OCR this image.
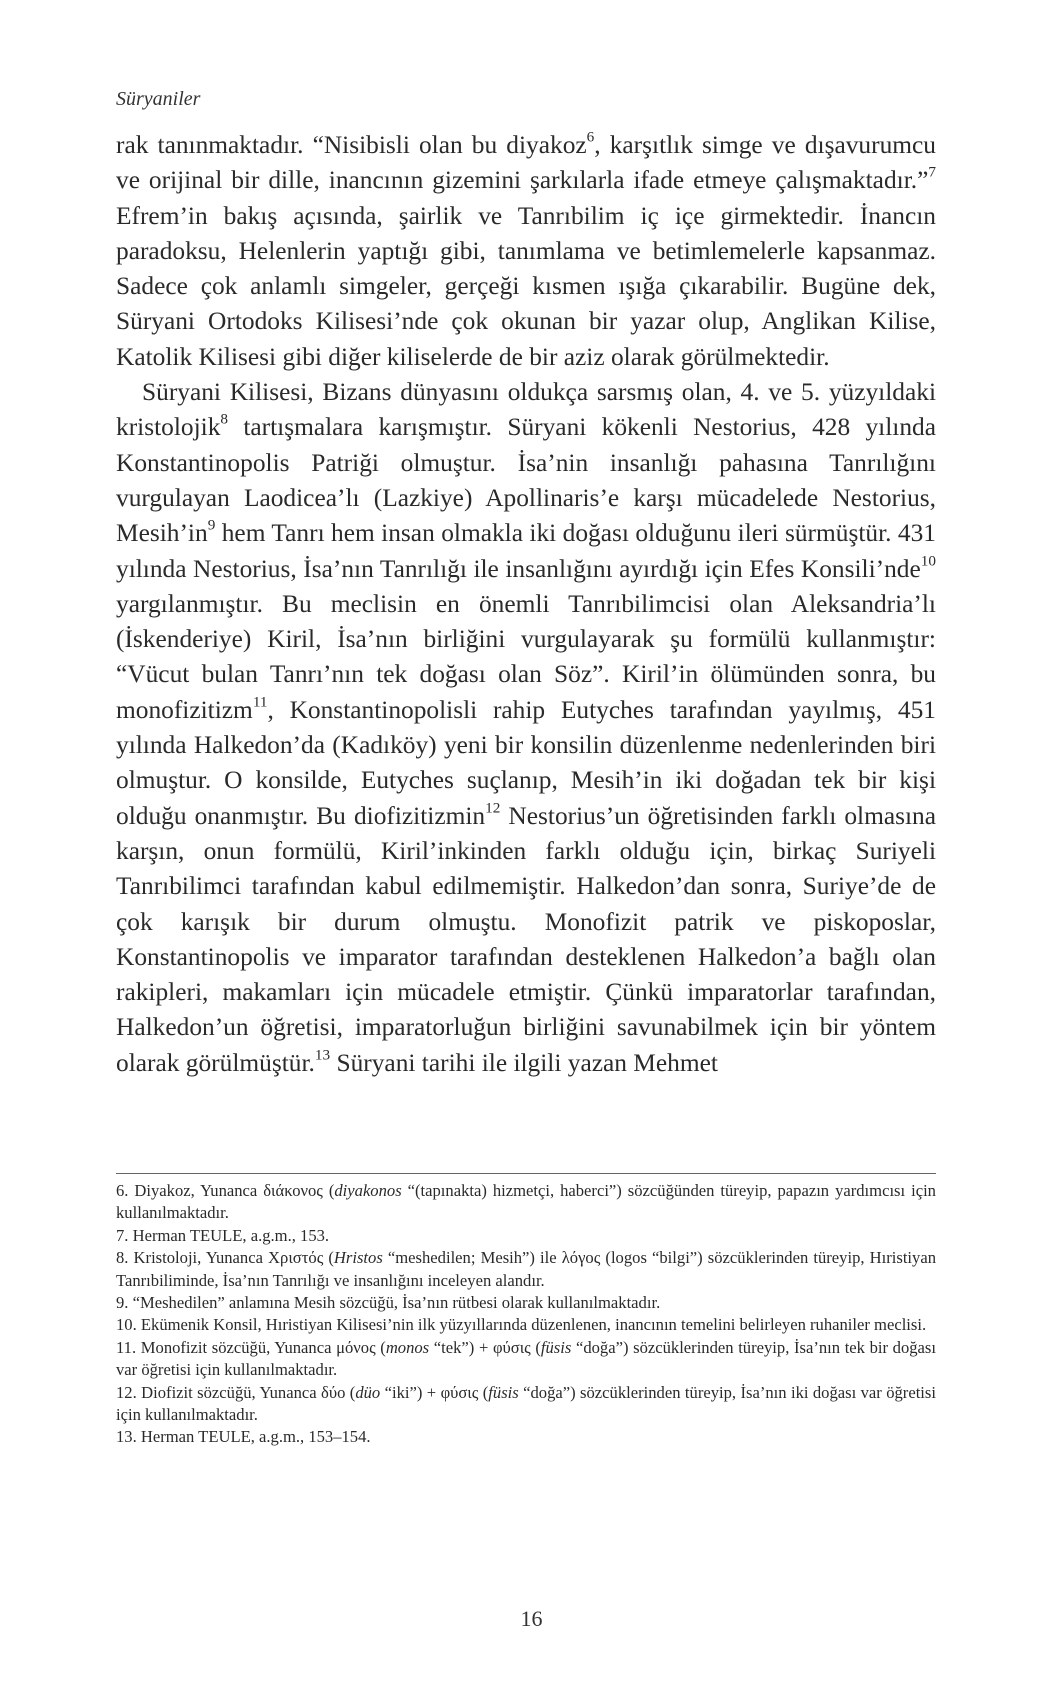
Süryaniler

rak tanınmaktadır. “Nisibisli olan bu diyakoz$^6$, karşıtlık simge ve dışavurumcu ve orijinal bir dille, inancının gizemini şarkılarla ifade etmeye çalışmaktadır.”$^7$ Efrem’in bakış açısında, şairlik ve Tanrıbilim iç içe girmektedir. İnancın paradoksu, Helenlerin yaptığı gibi, tanımlama ve betimlemelerle kapsanmaz. Sadece çok anlamlı simgeler, gerçeği kısmen ışığa çıkarabilir. Bugüne dek, Süryani Ortodoks Kilisesi’nde çok okunan bir yazar olup, Anglikan Kilise, Katolik Kilisesi gibi diğer kiliselerde de bir aziz olarak görülmektedir.

Süryani Kilisesi, Bizans dünyasını oldukça sarsmış olan, 4. ve 5. yüzyıldaki kristolojik$^8$ tartışmalara karışmıştır. Süryani kökenli Nestorius, 428 yılında Konstantinopolis Patriği olmuştur. İsa’nin insanlığı pahasına Tanrılığını vurgulayan Laodicea’lı (Lazkiye) Apollinaris’e karşı mücadelede Nestorius, $Mesih’in^9$ hem Tanrı hem insan olmakla iki doğası olduğunu ileri sürmüştür. 431 yılında Nestorius, İsa’nın Tanrılığı ile insanlığını ayırdığı için Efes Konsili’nde$^{10}$ yargılanmıştır. Bu meclisin en önemli Tanrıbilimcisi olan Aleksandria’lı (İskenderiye) Kiril, İsa’nın birliğini vurgulayarak şu formülü kullanmıştır: “Vücut bulan Tanrı’nın tek doğası olan Söz”. Kiril’in ölümünden sonra, bu monofizitizm$^{11}$, Konstantinopolisli rahip Eutyches tarafından yayılmış, 451 yılında Halkedon’da (Kadıköy) yeni bir konsilin düzenlenme nedenlerinden biri olmuştur. O konsilde, Eutyches suçlanıp, Mesih’in iki doğadan tek bir kişi olduğu onanmıştır. Bu diofizitizmin$^{12}$ Nestorius’un öğretisinden farklı olmasına karşın, onun formülü, Kiril’inkinden farklı olduğu için, birkaç Suriyeli Tanrıbilimci tarafından kabul edilmemiştir. Halkedon’dan sonra, Suriye’de de çok karışık bir durum olmuştu. Monofizit patrik ve piskoposlar, Konstantinopolis ve imparator tarafından desteklenen Halkedon’a bağlı olan rakipleri, makamları için mücadele etmiştir. Çünkü imparatorlar tarafından, Halkedon’un öğretisi, imparatorluğun birliğini savunabilmek için bir yöntem olarak görülmüştür.$^{13}$ Süryani tarihi ile ilgili yazan Mehmet

6. Diyakoz, Yunanca διάκονος (diyakonos “(tapınakta) hizmetçi, haberci”) sözcüğünden türeyip, papazın yardımcısı için kullanılmaktadır.

7. Herman TEULE, a.g.m., 153.

8. Kristoloji, Yunanca Χριστός (Hristos “meshedilen; Mesih”) ile λόγος (logos “bilgi”) sözcüklerinden türeyip, Hıristiyan Tanrıbiliminde, İsa’nın Tanrılığı ve insanlığını inceleyen alandır.

9. “Meshedilen” anlamına Mesih sözcüğü, İsa’nın rütbesi olarak kullanılmaktadır.

10. Ekümenik Konsil, Hıristiyan Kilisesi’nin ilk yüzyıllarında düzenlenen, inancının temelini belirleyen ruhaniler meclisi.

11. Monofizit sözcüğü, Yunanca μόνος (monos “tek”) + φύσις (füsis “doğa”) sözcüklerinden türeyip, İsa’nın tek bir doğası var öğretisi için kullanılmaktadır.

12. Diofizit sözcüğü, Yunanca δύο (düo “iki”) + φύσις (füsis “doğa”) sözcüklerinden türeyip, İsa’nın iki doğası var öğretisi için kullanılmaktadır.

13. Herman TEULE, a.g.m., 153–154.

16
